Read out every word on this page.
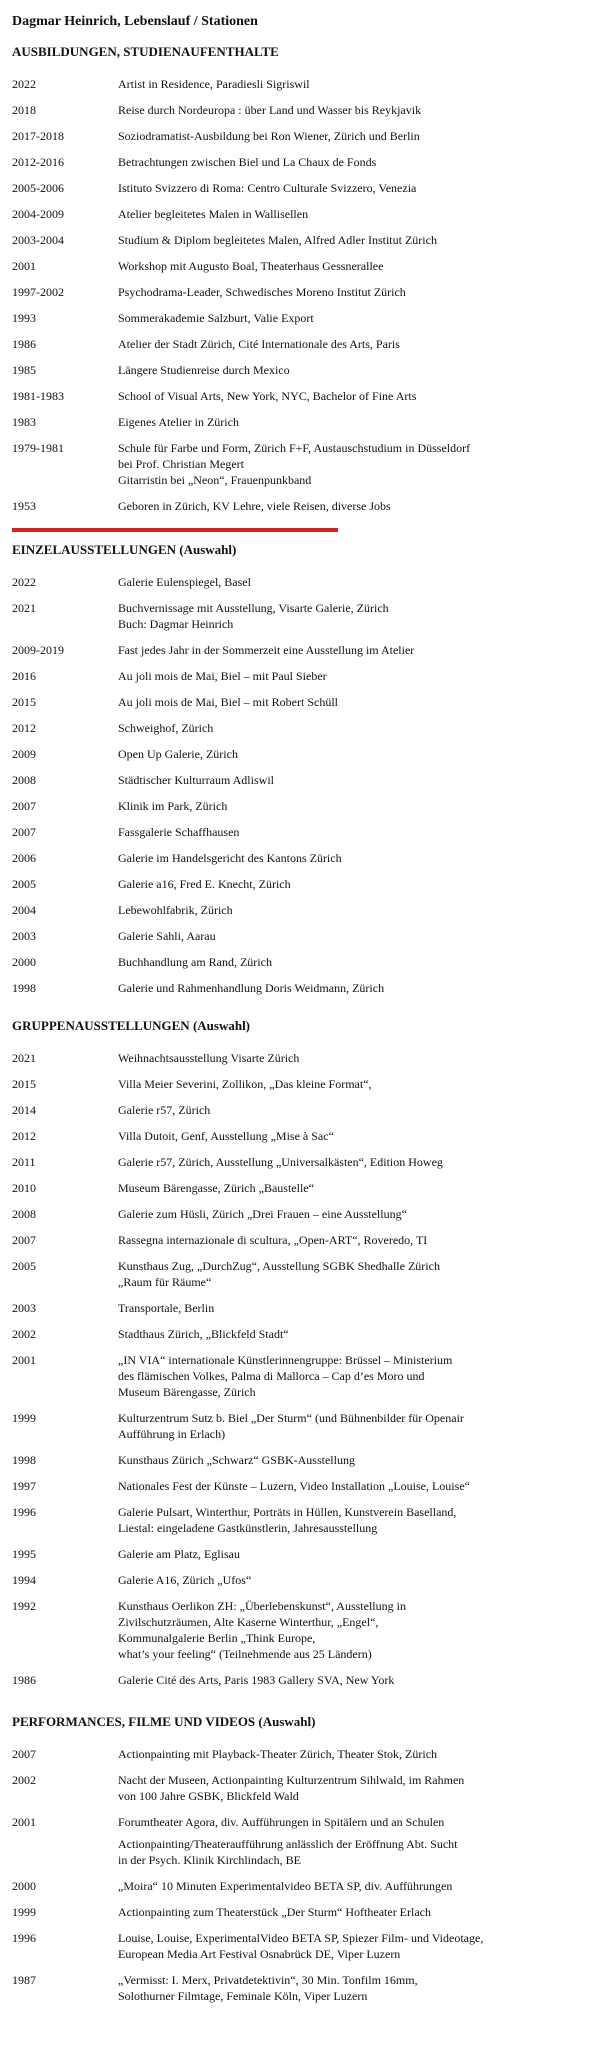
Dagmar Heinrich, Lebenslauf / Stationen
AUSBILDUNGEN, STUDIENAUFENTHALTE
2022	Artist in Residence, Paradiesli Sigriswil
2018	Reise durch Nordeuropa : über Land und Wasser bis Reykjavik
2017-2018	Soziodramatist-Ausbildung bei Ron Wiener, Zürich und Berlin
2012-2016	Betrachtungen zwischen Biel und La Chaux de Fonds
2005-2006	Istituto Svizzero di Roma: Centro Culturale Svizzero, Venezia
2004-2009	Atelier begleitetes Malen in Wallisellen
2003-2004	Studium & Diplom begleitetes Malen, Alfred Adler Institut Zürich
2001	Workshop mit Augusto Boal, Theaterhaus Gessnerallee
1997-2002	Psychodrama-Leader, Schwedisches Moreno Institut Zürich
1993	Sommerakademie Salzburt, Valie Export
1986	Atelier der Stadt Zürich, Cité Internationale des Arts, Paris
1985	Längere Studienreise durch Mexico
1981-1983	School of Visual Arts, New York, NYC, Bachelor of Fine Arts
1983	Eigenes Atelier in Zürich
1979-1981	Schule für Farbe und Form, Zürich F+F, Austauschstudium in Düsseldorf
bei Prof. Christian Megert
Gitarristin bei „Neon“, Frauenpunkband
1953	Geboren in Zürich, KV Lehre, viele Reisen, diverse Jobs
EINZELAUSSTELLUNGEN (Auswahl)
2022	Galerie Eulenspiegel, Basel
2021	Buchvernissage mit Ausstellung, Visarte Galerie, Zürich
Buch: Dagmar Heinrich
2009-2019	Fast jedes Jahr in der Sommerzeit eine Ausstellung im Atelier
2016	Au joli mois de Mai, Biel – mit Paul Sieber
2015	Au joli mois de Mai, Biel – mit Robert Schüll
2012	Schweighof, Zürich
2009	Open Up Galerie, Zürich
2008	Städtischer Kulturraum Adliswil
2007	Klinik im Park, Zürich
2007	Fassgalerie Schaffhausen
2006	Galerie im Handelsgericht des Kantons Zürich
2005	Galerie a16, Fred E. Knecht, Zürich
2004	Lebewohlfabrik, Zürich
2003	Galerie Sahli, Aarau
2000	Buchhandlung am Rand, Zürich
1998	Galerie und Rahmenhandlung Doris Weidmann, Zürich
GRUPPENAUSSTELLUNGEN (Auswahl)
2021	Weihnachtsausstellung Visarte Zürich
2015	Villa Meier Severini, Zollikon, „Das kleine Format“,
2014	Galerie r57, Zürich
2012	Villa Dutoit, Genf, Ausstellung „Mise à Sac“
2011	Galerie r57, Zürich, Ausstellung „Universalkästen“, Edition Howeg
2010	Museum Bärengasse, Zürich „Baustelle“
2008	Galerie zum Hüsli, Zürich „Drei Frauen – eine Ausstellung“
2007	Rassegna internazionale di scultura, „Open-ART“, Roveredo, TI
2005	Kunsthaus Zug, „DurchZug“, Ausstellung SGBK Shedhalle Zürich
„Raum für Räume“
2003	Transportale, Berlin
2002	Stadthaus Zürich, „Blickfeld Stadt“
2001	„IN VIA“ internationale Künstlerinnengruppe: Brüssel – Ministerium
des flämischen Volkes, Palma di Mallorca – Cap d’es Moro und
Museum Bärengasse, Zürich
1999	Kulturzentrum Sutz b. Biel „Der Sturm“ (und Bühnenbilder für Openair
Aufführung in Erlach)
1998	Kunsthaus Zürich „Schwarz“ GSBK-Ausstellung
1997	Nationales Fest der Künste – Luzern, Video Installation „Louise, Louise“
1996	Galerie Pulsart, Winterthur, Porträts in Hüllen, Kunstverein Baselland,
Liestal: eingeladene Gastkünstlerin, Jahresausstellung
1995	Galerie am Platz, Eglisau
1994	Galerie A16, Zürich „Ufos“
1992	Kunsthaus Oerlikon ZH: „Überlebenskunst“, Ausstellung in
Zivilschutzräumen, Alte Kaserne Winterthur, „Engel“,
Kommunalgalerie Berlin „Think Europe,
what’s your feeling“ (Teilnehmende aus 25 Ländern)
1986	Galerie Cité des Arts, Paris 1983 Gallery SVA, New York
PERFORMANCES, FILME UND VIDEOS (Auswahl)
2007	Actionpainting mit Playback-Theater Zürich, Theater Stok, Zürich
2002	Nacht der Museen, Actionpainting Kulturzentrum Sihlwald, im Rahmen
von 100 Jahre GSBK, Blickfeld Wald
2001	Forumtheater Agora, div. Aufführungen in Spitälern und an Schulen
Actionpainting/Theateraufführung anlässlich der Eröffnung Abt. Sucht
in der Psych. Klinik Kirchlindach, BE
2000	„Moira“ 10 Minuten Experimentalvideo BETA SP, div. Aufführungen
1999	Actionpainting zum Theaterstück „Der Sturm“ Hoftheater Erlach
1996	Louise, Louise, ExperimentalVideo BETA SP, Spiezer Film- und Videotage,
European Media Art Festival Osnabrück DE, Viper Luzern
1987	„Vermisst: I. Merx, Privatdetektivin“, 30 Min. Tonfilm 16mm,
Solothurner Filmtage, Feminale Köln, Viper Luzern
